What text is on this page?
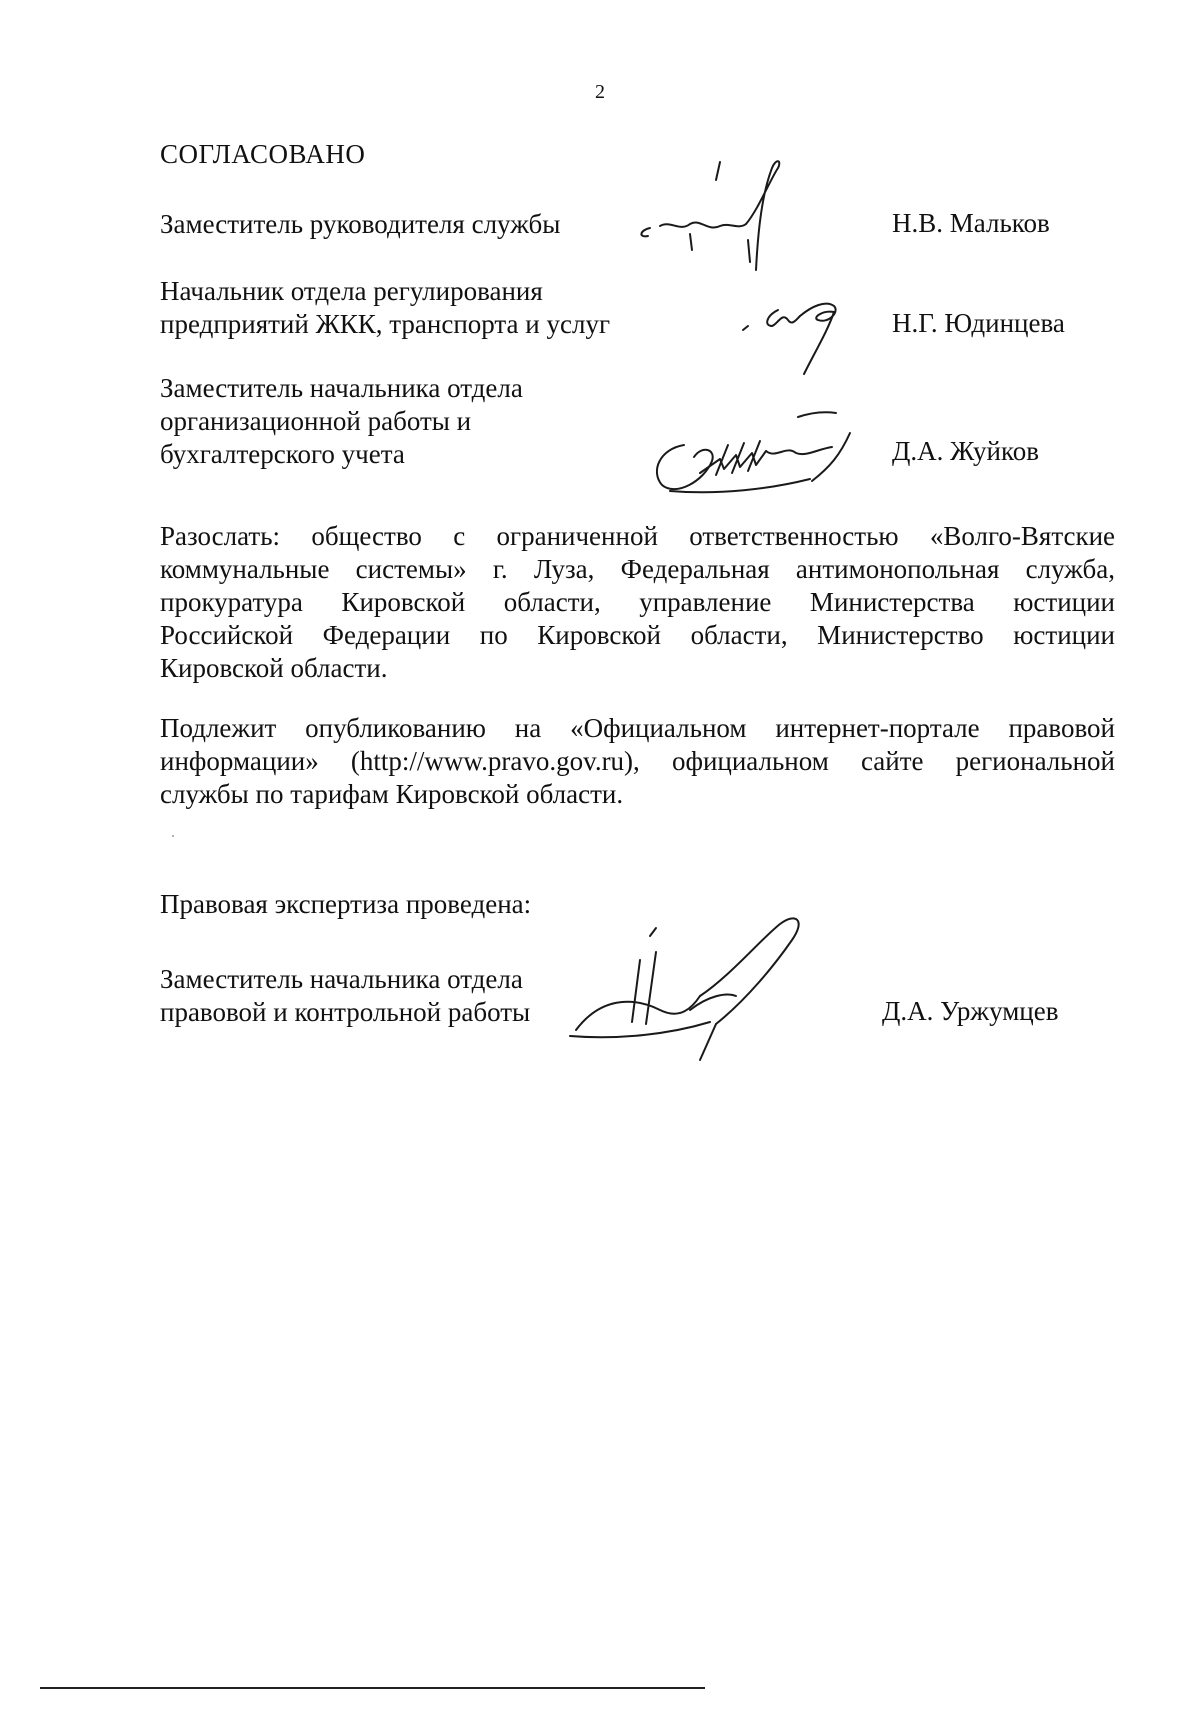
2
СОГЛАСОВАНО
Заместитель руководителя службы	Н.В. Мальков
Начальник отдела регулирования
предприятий ЖКК, транспорта и услуг	Н.Г. Юдинцева
Заместитель начальника отдела
организационной работы и
бухгалтерского учета	Д.А. Жуйков
Разослать: общество с ограниченной ответственностью «Волго-Вятские
коммунальные системы» г. Луза, Федеральная антимонопольная служба,
прокуратура Кировской области, управление Министерства юстиции
Российской Федерации по Кировской области, Министерство юстиции
Кировской области.
Подлежит опубликованию на «Официальном интернет-портале правовой
информации» (http://www.pravo.gov.ru), официальном сайте региональной
службы по тарифам Кировской области.
Правовая экспертиза проведена:
Заместитель начальника отдела
правовой и контрольной работы	Д.А. Уржумцев
